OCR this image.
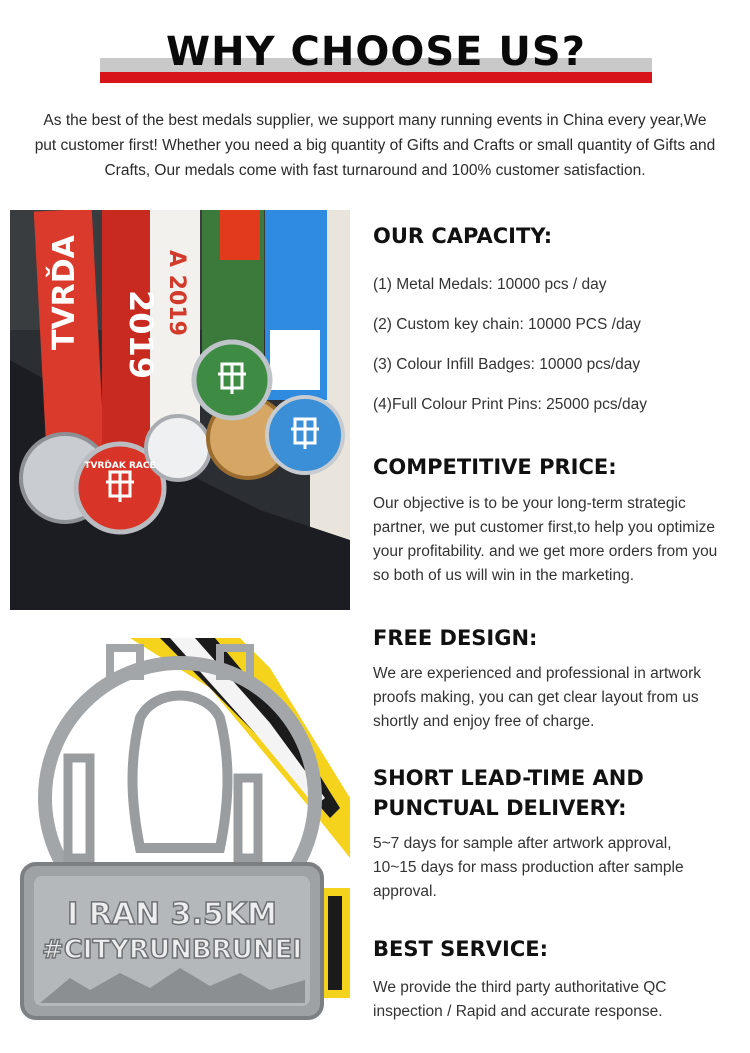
WHY CHOOSE US?
As the best of the best medals supplier, we support many running events in China every year,We
put customer first! Whether you need a big quantity of Gifts and Crafts or small quantity of Gifts and
Crafts, Our medals come with fast turnaround and 100% customer satisfaction.
TVRĎA 2019 A 2019
TVRĎAK RACE
I RAN 3.5KM
#CITYRUNBRUNEI
OUR CAPACITY:
(1) Metal Medals: 10000 pcs / day
(2) Custom key chain: 10000 PCS /day
(3) Colour Infill Badges: 10000 pcs/day
(4)Full Colour Print Pins: 25000 pcs/day
COMPETITIVE PRICE:
Our objective is to be your long-term strategic
partner, we put customer first,to help you optimize
your profitability. and we get more orders from you
so both of us will win in the marketing.
FREE DESIGN:
We are experienced and professional in artwork
proofs making, you can get clear layout from us
shortly and enjoy free of charge.
SHORT LEAD-TIME AND
PUNCTUAL DELIVERY:
5~7 days for sample after artwork approval,
10~15 days for mass production after sample
approval.
BEST SERVICE:
We provide the third party authoritative QC
inspection / Rapid and accurate response.
